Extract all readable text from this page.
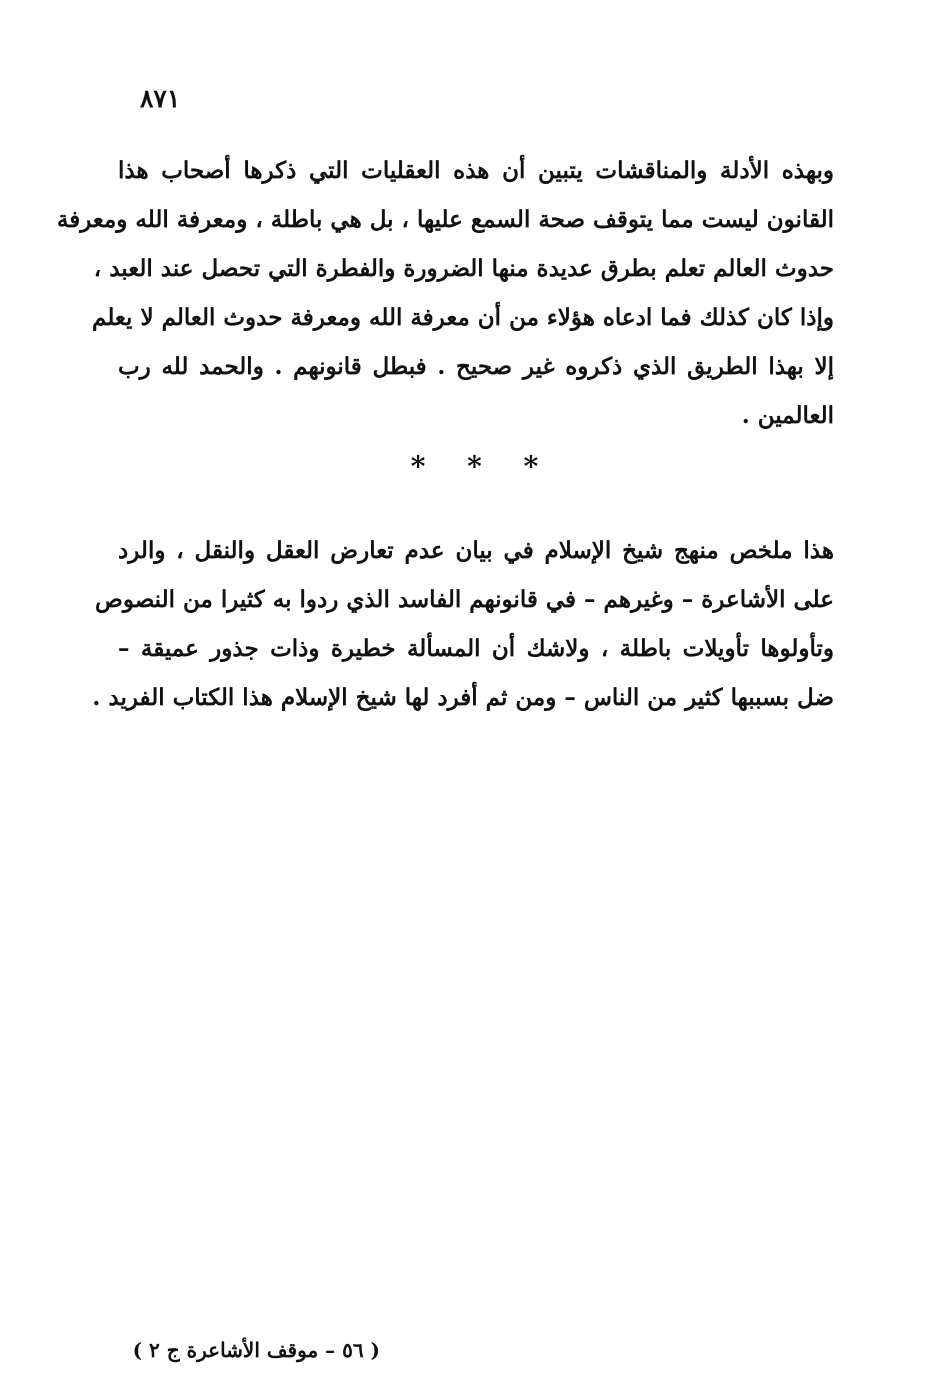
٨٧١
وبهذه الأدلة والمناقشات يتبين أن هذه العقليات التي ذكرها أصحاب هذا
القانون ليست مما يتوقف صحة السمع عليها ، بل هي باطلة ، ومعرفة الله ومعرفة
حدوث العالم تعلم بطرق عديدة منها الضرورة والفطرة التي تحصل عند العبد ،
وإذا كان كذلك فما ادعاه هؤلاء من أن معرفة الله ومعرفة حدوث العالم لا يعلم
إلا بهذا الطريق الذي ذكروه غير صحيح . فبطل قانونهم . والحمد لله رب
العالمين .
* * *
هذا ملخص منهج شيخ الإسلام في بيان عدم تعارض العقل والنقل ، والرد
على الأشاعرة – وغيرهم – في قانونهم الفاسد الذي ردوا به كثيرا من النصوص
وتأولوها تأويلات باطلة ، ولاشك أن المسألة خطيرة وذات جذور عميقة –
ضل بسببها كثير من الناس – ومن ثم أفرد لها شيخ الإسلام هذا الكتاب الفريد .
( ٥٦ – موقف الأشاعرة ج ٢ )
